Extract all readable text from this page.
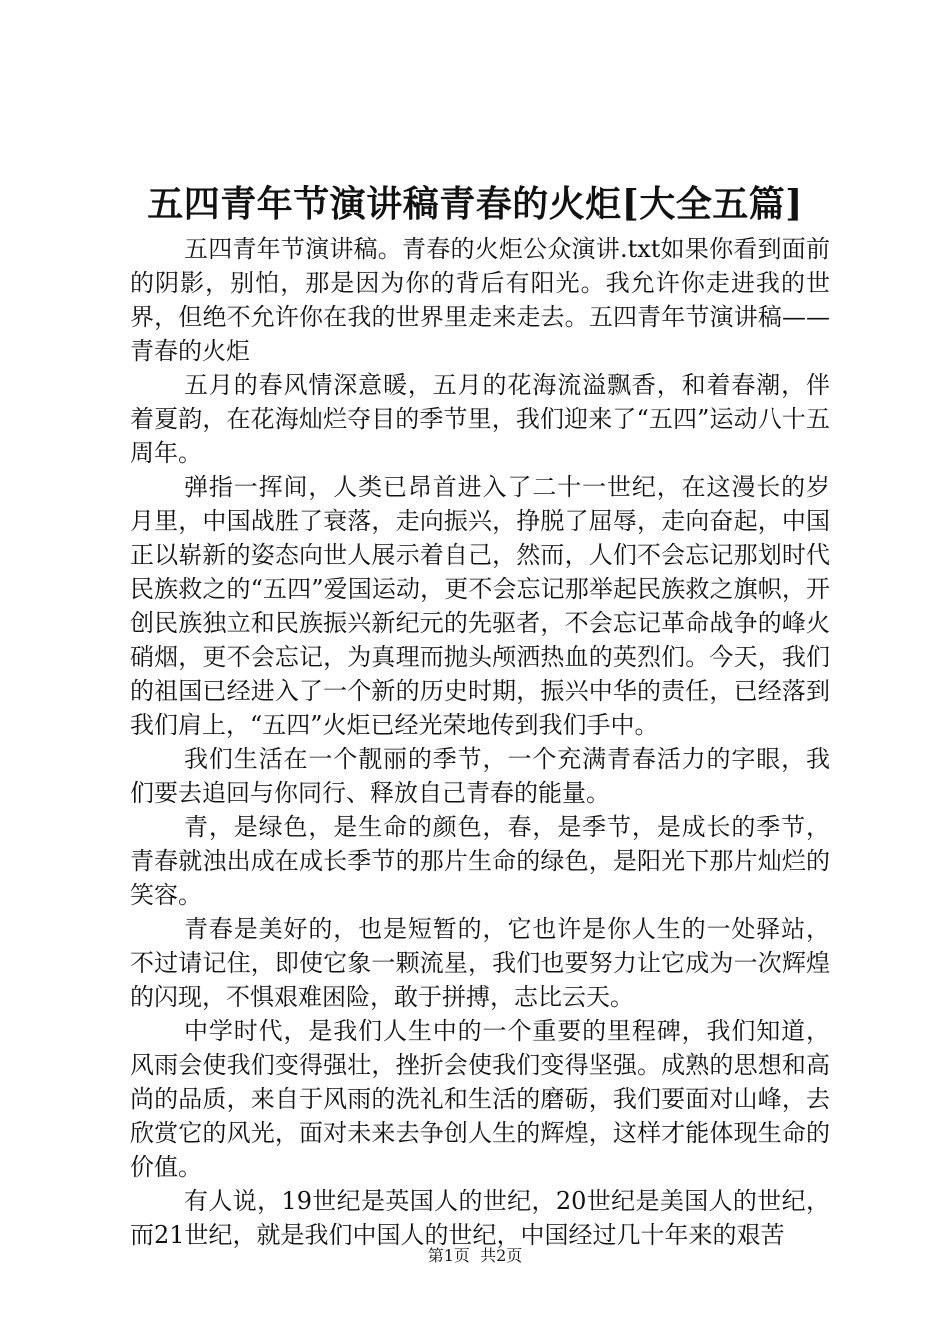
五四青年节演讲稿青春的火炬[大全五篇]

五四青年节演讲稿。青春的火炬公众演讲.txt如果你看到面前的阴影，别怕，那是因为你的背后有阳光。我允许你走进我的世界，但绝不允许你在我的世界里走来走去。五四青年节演讲稿——青春的火炬

五月的春风情深意暖，五月的花海流溢飘香，和着春潮，伴着夏韵，在花海灿烂夺目的季节里，我们迎来了“五四”运动八十五周年。

弹指一挥间，人类已昂首进入了二十一世纪，在这漫长的岁月里，中国战胜了衰落，走向振兴，挣脱了屈辱，走向奋起，中国正以崭新的姿态向世人展示着自己，然而，人们不会忘记那划时代民族救之的“五四”爱国运动，更不会忘记那举起民族救之旗帜，开创民族独立和民族振兴新纪元的先驱者，不会忘记革命战争的峰火硝烟，更不会忘记，为真理而抛头颅洒热血的英烈们。今天，我们的祖国已经进入了一个新的历史时期，振兴中华的责任，已经落到我们肩上，“五四”火炬已经光荣地传到我们手中。

我们生活在一个靓丽的季节，一个充满青春活力的字眼，我们要去追回与你同行、释放自己青春的能量。

青，是绿色，是生命的颜色，春，是季节，是成长的季节，青春就浊出成在成长季节的那片生命的绿色，是阳光下那片灿烂的笑容。

青春是美好的，也是短暂的，它也许是你人生的一处驿站，不过请记住，即使它象一颗流星，我们也要努力让它成为一次辉煌的闪现，不惧艰难困险，敢于拼搏，志比云天。

中学时代，是我们人生中的一个重要的里程碑，我们知道，风雨会使我们变得强壮，挫折会使我们变得坚强。成熟的思想和高尚的品质，来自于风雨的洗礼和生活的磨砺，我们要面对山峰，去欣赏它的风光，面对未来去争创人生的辉煌，这样才能体现生命的价值。

有人说，19世纪是英国人的世纪，20世纪是美国人的世纪，而21世纪，就是我们中国人的世纪，中国经过几十年来的艰苦

第1页  共2页
